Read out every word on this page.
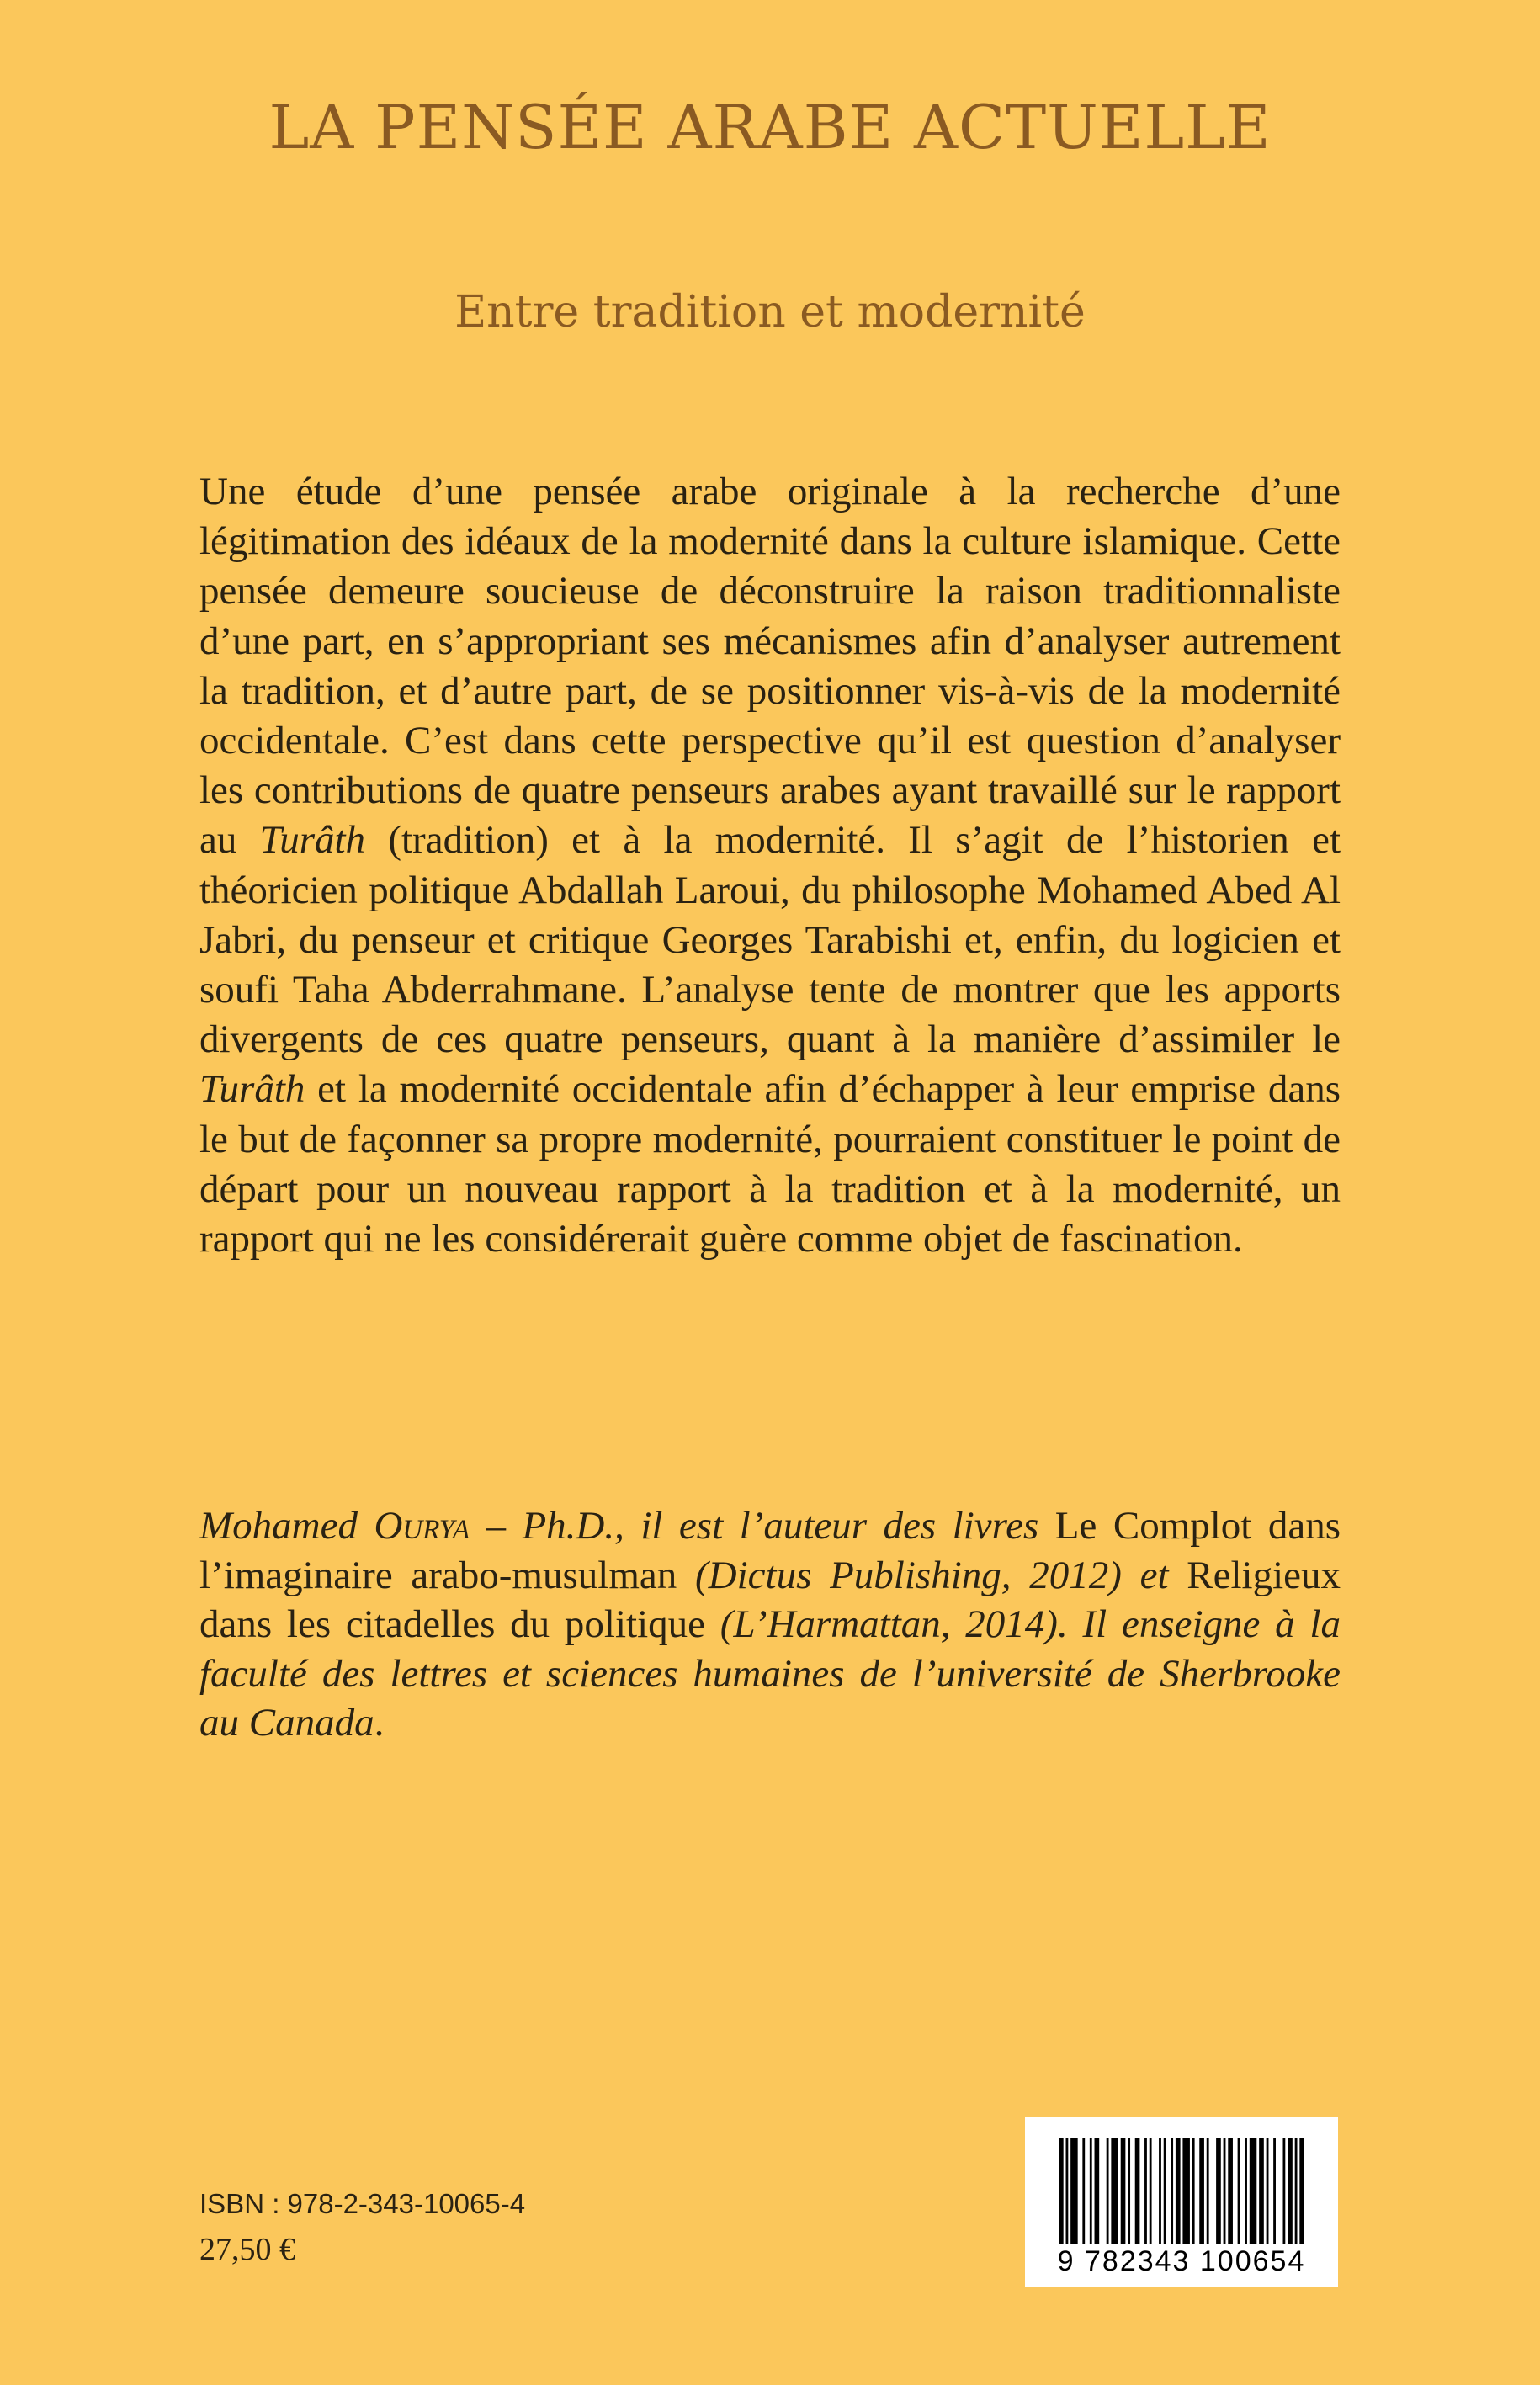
LA PENSÉE ARABE ACTUELLE
Entre tradition et modernité

Une étude d’une pensée arabe originale à la recherche d’une légitimation des idéaux de la modernité dans la culture islamique. Cette pensée demeure soucieuse de déconstruire la raison traditionnaliste d’une part, en s’appropriant ses mécanismes afin d’analyser autrement la tradition, et d’autre part, de se positionner vis-à-vis de la modernité occidentale. C’est dans cette perspective qu’il est question d’analyser les contributions de quatre penseurs arabes ayant travaillé sur le rapport au Turâth (tradition) et à la modernité. Il s’agit de l’historien et théoricien politique Abdallah Laroui, du philosophe Mohamed Abed Al Jabri, du penseur et critique Georges Tarabishi et, enfin, du logicien et soufi Taha Abderrahmane. L’analyse tente de montrer que les apports divergents de ces quatre penseurs, quant à la manière d’assimiler le Turâth et la modernité occidentale afin d’échapper à leur emprise dans le but de façonner sa propre modernité, pourraient constituer le point de départ pour un nouveau rapport à la tradition et à la modernité, un rapport qui ne les considérerait guère comme objet de fascination.

Mohamed Ourya – Ph.D., il est l’auteur des livres Le Complot dans l’imaginaire arabo-musulman (Dictus Publishing, 2012) et Religieux dans les citadelles du politique (L’Harmattan, 2014). Il enseigne à la faculté des lettres et sciences humaines de l’université de Sherbrooke au Canada.

9 782343 100654

ISBN : 978-2-343-10065-4

27,50 €
